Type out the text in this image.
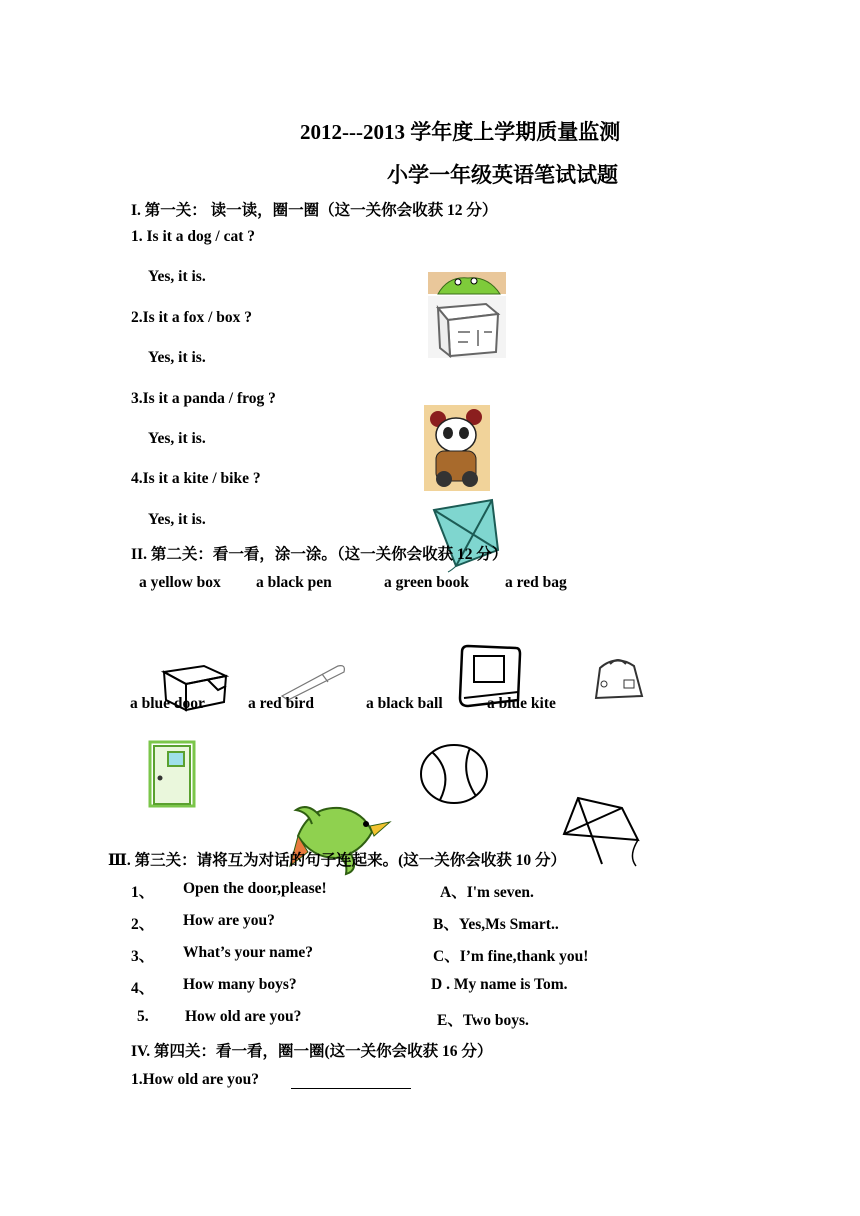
2012---2013 学年度上学期质量监测
小学一年级英语笔试试题
I. 第一关： 读一读，圈一圈（这一关你会收获 12 分）
1. Is it a dog / cat ?
Yes, it is.
2.Is it a fox / box ?
Yes, it is.
3.Is it a panda / frog ?
Yes, it is.
4.Is it a kite / bike ?
Yes, it is.
II. 第二关：看一看，涂一涂。（这一关你会收获 12 分）
a yellow box a black pen	a green book a red bag
a blue door	a red bird	a black ball	a blue kite
Ⅲ. 第三关：请将互为对话的句子连起来。(这一关你会收获 10 分）
1、 Open the door,please!	A、I'm seven.
2、 How are you?	B、Yes,Ms Smart..
3、 What’s your name?	C、I’m fine,thank you!
4、 How many boys?	D . My name is Tom.
5. How old are you?	E、Two boys.
IV. 第四关：看一看，圈一圈(这一关你会收获 16 分）
1.How old are you?
